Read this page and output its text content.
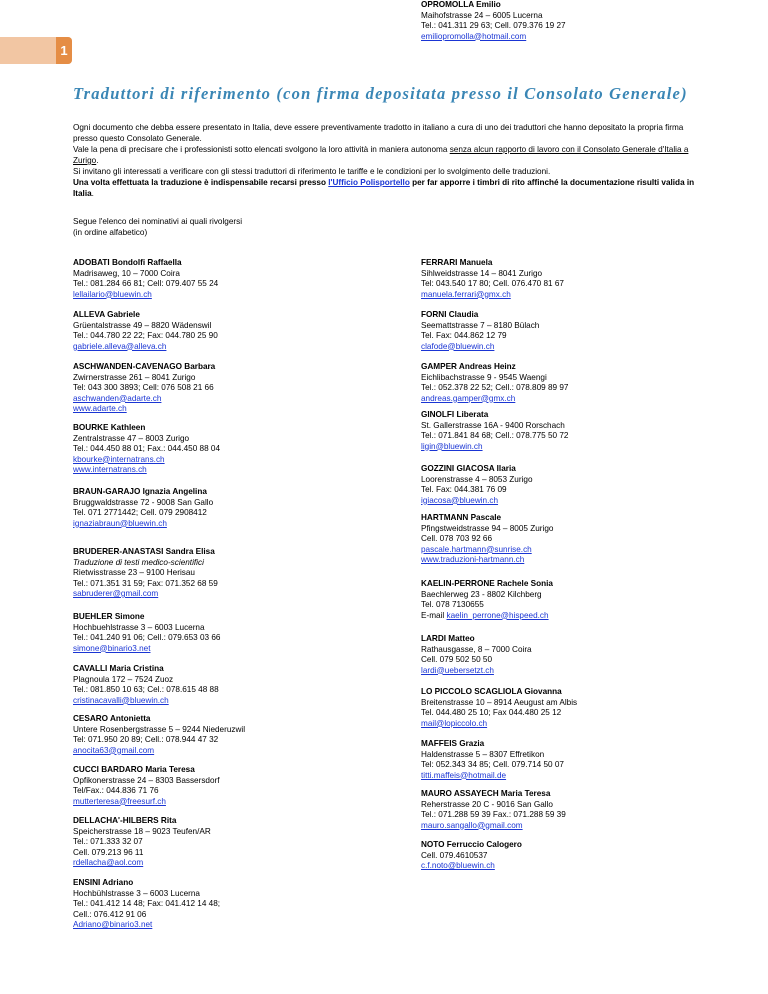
1
Traduttori di riferimento (con firma depositata presso il Consolato Generale)

Ogni documento che debba essere presentato in Italia, deve essere preventivamente tradotto in italiano a cura di uno dei traduttori che hanno depositato la propria firma presso questo Consolato Generale.

Vale la pena di precisare che i professionisti sotto elencati svolgono la loro attività in maniera autonoma senza alcun rapporto di lavoro con il Consolato Generale d'Italia a Zurigo.

Si invitano gli interessati a verificare con gli stessi traduttori di riferimento le tariffe e le condizioni per lo svolgimento delle traduzioni.

Una volta effettuata la traduzione è indispensabile recarsi presso l'Ufficio Polisportello per far apporre i timbri di rito affinché la documentazione risulti valida in Italia.

Segue l'elenco dei nominativi ai quali rivolgersi
(in ordine alfabetico)
ADOBATI Bondolfi Raffaella
Madrisaweg, 10 – 7000 Coira
Tel.: 081.284 66 81; Cell: 079.407 55 24
lellailario@bluewin.ch
ALLEVA Gabriele
Grüentalstrasse 49 – 8820 Wädenswil
Tel.: 044.780 22 22; Fax: 044.780 25 90
gabriele.alleva@alleva.ch
ASCHWANDEN-CAVENAGO Barbara
Zwirnerstrasse 261 – 8041 Zurigo
Tel: 043 300 3893; Cell: 076 508 21 66
aschwanden@adarte.ch
www.adarte.ch
BOURKE Kathleen
Zentralstrasse 47 – 8003 Zurigo
Tel.: 044.450 88 01; Fax.: 044.450 88 04
kbourke@internatrans.ch
www.internatrans.ch
BRAUN-GARAJO Ignazia Angelina
Bruggwaldstrasse 72 - 9008 San Gallo
Tel. 071 2771442; Cell. 079 2908412
ignaziabraun@bluewin.ch
BRUDERER-ANASTASI Sandra Elisa
Traduzione di testi medico-scientifici
Rietwisstrasse 23 – 9100 Herisau
Tel.: 071.351 31 59; Fax: 071.352 68 59
sabruderer@gmail.com
BUEHLER Simone
Hochbuehlstrasse 3 – 6003 Lucerna
Tel.: 041.240 91 06; Cell.: 079.653 03 66
simone@binario3.net
CAVALLI Maria Cristina
Plagnoula 172 – 7524 Zuoz
Tel.: 081.850 10 63; Cel.: 078.615 48 88
cristinacavalli@bluewin.ch
CESARO Antonietta
Untere Rosenbergstrasse 5 – 9244 Niederuzwil
Tel: 071.950 20 89; Cell.: 078.944 47 32
anocita63@gmail.com
CUCCI BARDARO Maria Teresa
Opfikonerstrasse 24 – 8303 Bassersdorf
Tel/Fax.: 044.836 71 76
mutterteresa@freesurf.ch
DELLACHA'-HILBERS Rita
Speicherstrasse 18 – 9023 Teufen/AR
Tel.: 071.333 32 07
Cell. 079.213 96 11
rdellacha@aol.com
ENSINI Adriano
Hochbühlstrasse 3 – 6003 Lucerna
Tel.: 041.412 14 48; Fax: 041.412 14 48;
Cell.: 076.412 91 06
Adriano@binario3.net
FERRARI Manuela
Sihlweidstrasse 14 – 8041 Zurigo
Tel: 043.540 17 80; Cell. 076.470 81 67
manuela.ferrari@gmx.ch
FORNI Claudia
Seemattstrasse 7 – 8180 Bülach
Tel. Fax: 044.862 12 79
clafode@bluewin.ch
GAMPER Andreas Heinz
Eichlibachstrasse 9 - 9545 Waengi
Tel.: 052.378 22 52; Cell.: 078.809 89 97
andreas.gamper@gmx.ch
GINOLFI Liberata
St. Gallerstrasse 16A - 9400 Rorschach
Tel.: 071.841 84 68; Cell.: 078.775 50 72
ligin@bluewin.ch
GOZZINI GIACOSA Ilaria
Loorenstrasse 4 – 8053 Zurigo
Tel. Fax: 044.381 76 09
igiacosa@bluewin.ch
HARTMANN Pascale
Pfingstweidstrasse 94 – 8005 Zurigo
Cell. 078 703 92 66
pascale.hartmann@sunrise.ch
www.traduzioni-hartmann.ch
KAELIN-PERRONE Rachele Sonia
Baechlerweg 23 - 8802 Kilchberg
Tel. 078 7130655
E-mail kaelin_perrone@hispeed.ch
LARDI Matteo
Rathausgasse, 8 – 7000 Coira
Cell. 079 502 50 50
lardi@uebersetzt.ch
LO PICCOLO SCAGLIOLA Giovanna
Breitenstrasse 10 – 8914 Aeugust am Albis
Tel. 044.480 25 10; Fax 044.480 25 12
mail@lopiccolo.ch
MAFFEIS Grazia
Haldenstrasse 5 – 8307 Effretikon
Tel: 052.343 34 85; Cell. 079.714 50 07
titti.maffeis@hotmail.de
MAURO ASSAYECH Maria Teresa
Reherstrasse 20 C - 9016 San Gallo
Tel.: 071.288 59 39 Fax.: 071.288 59 39
mauro.sangallo@gmail.com
NOTO Ferruccio Calogero
Cell. 079.4610537
c.f.noto@bluewin.ch
OPROMOLLA Emilio
Maihofstrasse 24 – 6005 Lucerna
Tel.: 041.311 29 63; Cell. 079.376 19 27
emiliopromolla@hotmail.com
